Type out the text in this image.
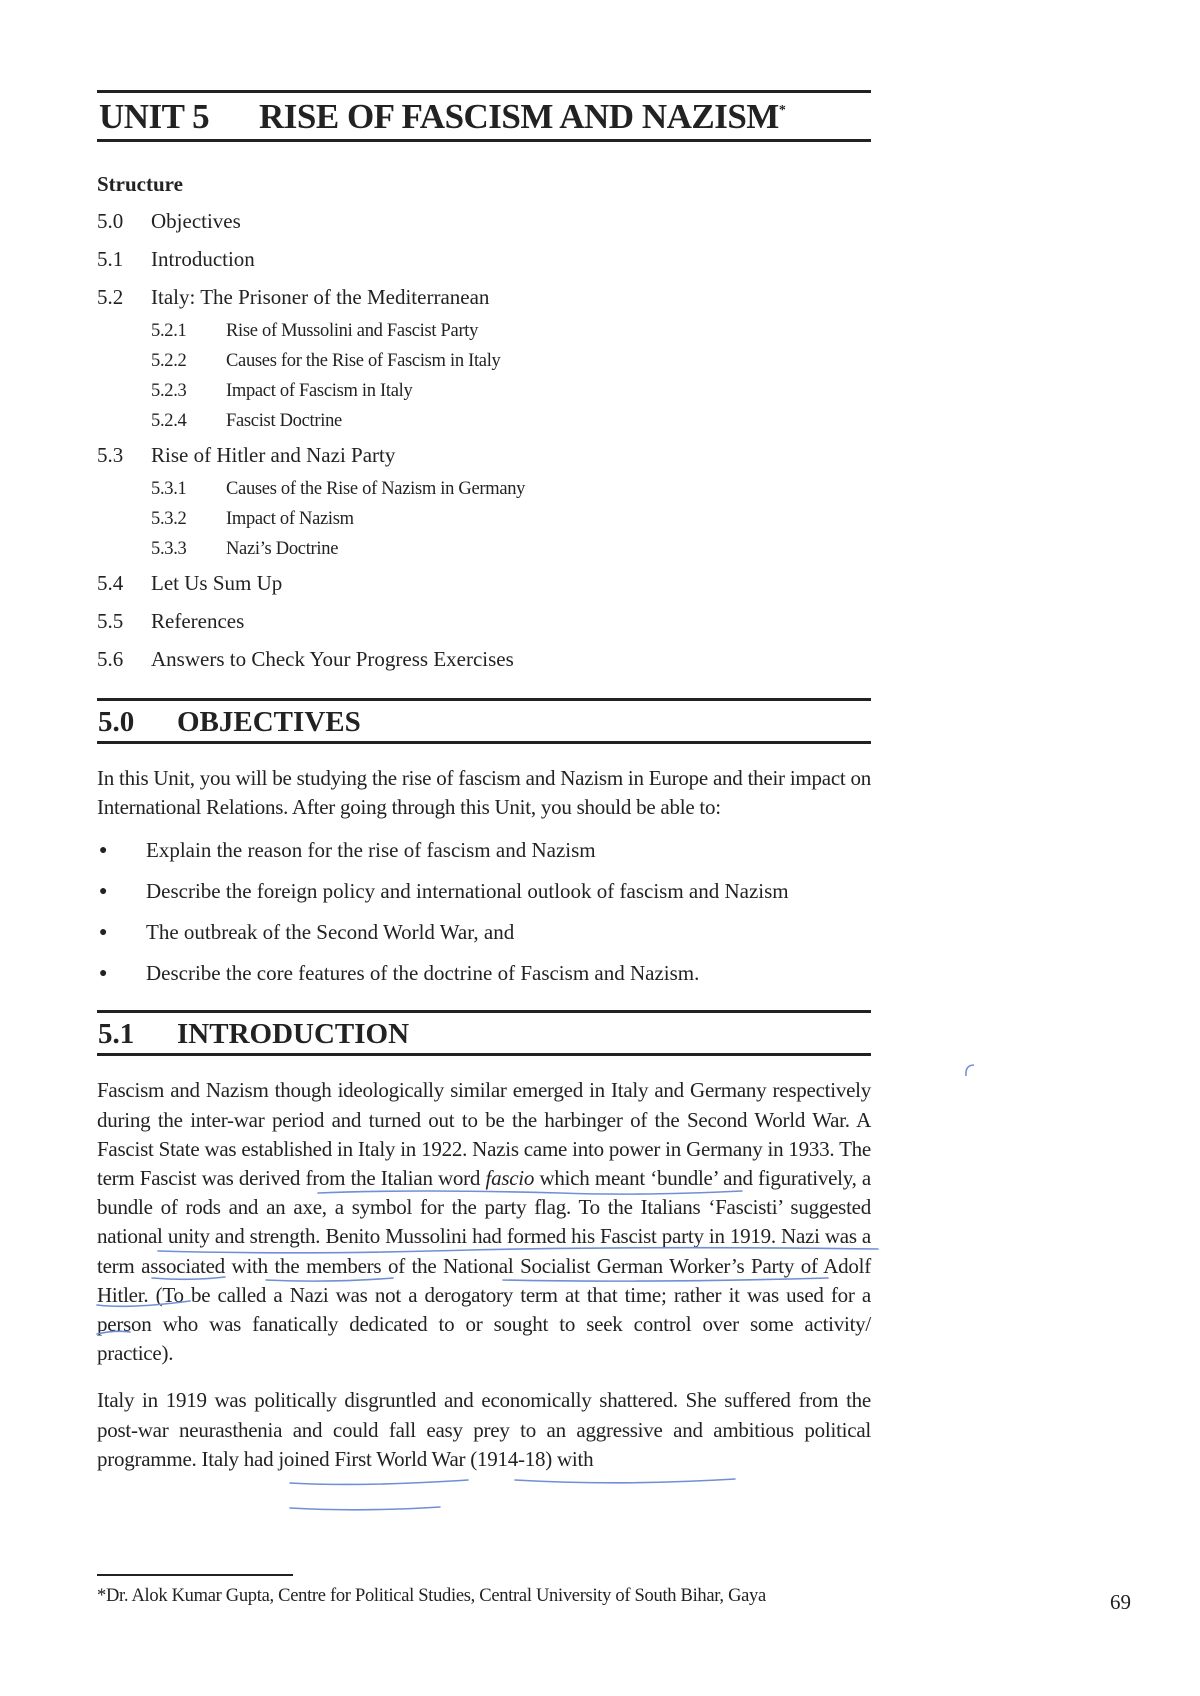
UNIT 5	RISE OF FASCISM AND NAZISM*
Structure
5.0	Objectives
5.1	Introduction
5.2	Italy: The Prisoner of the Mediterranean
5.2.1	Rise of Mussolini and Fascist Party
5.2.2	Causes for the Rise of Fascism in Italy
5.2.3	Impact of Fascism in Italy
5.2.4	Fascist Doctrine
5.3	Rise of Hitler and Nazi Party
5.3.1	Causes of the Rise of Nazism in Germany
5.3.2	Impact of Nazism
5.3.3	Nazi’s Doctrine
5.4	Let Us Sum Up
5.5	References
5.6	Answers to Check Your Progress Exercises
5.0	OBJECTIVES
In this Unit, you will be studying the rise of fascism and Nazism in Europe and their impact on International Relations. After going through this Unit, you should be able to:
●	Explain the reason for the rise of fascism and Nazism
●	Describe the foreign policy and international outlook of fascism and Nazism
●	The outbreak of the Second World War, and
●	Describe the core features of the doctrine of Fascism and Nazism.
5.1	INTRODUCTION
Fascism and Nazism though ideologically similar emerged in Italy and Germany respectively during the inter-war period and turned out to be the harbinger of the Second World War. A Fascist State was established in Italy in 1922. Nazis came into power in Germany in 1933. The term Fascist was derived from the Italian word fascio which meant ‘bundle’ and figuratively, a bundle of rods and an axe, a symbol for the party flag. To the Italians ‘Fascisti’ suggested national unity and strength. Benito Mussolini had formed his Fascist party in 1919. Nazi was a term associated with the members of the National Socialist German Worker’s Party of Adolf Hitler. (To be called a Nazi was not a derogatory term at that time; rather it was used for a person who was fanatically dedicated to or sought to seek control over some activity/ practice).
Italy in 1919 was politically disgruntled and economically shattered. She suffered from the post-war neurasthenia and could fall easy prey to an aggressive and ambitious political programme. Italy had joined First World War (1914-18) with
*Dr. Alok Kumar Gupta, Centre for Political Studies, Central University of South Bihar, Gaya	69
